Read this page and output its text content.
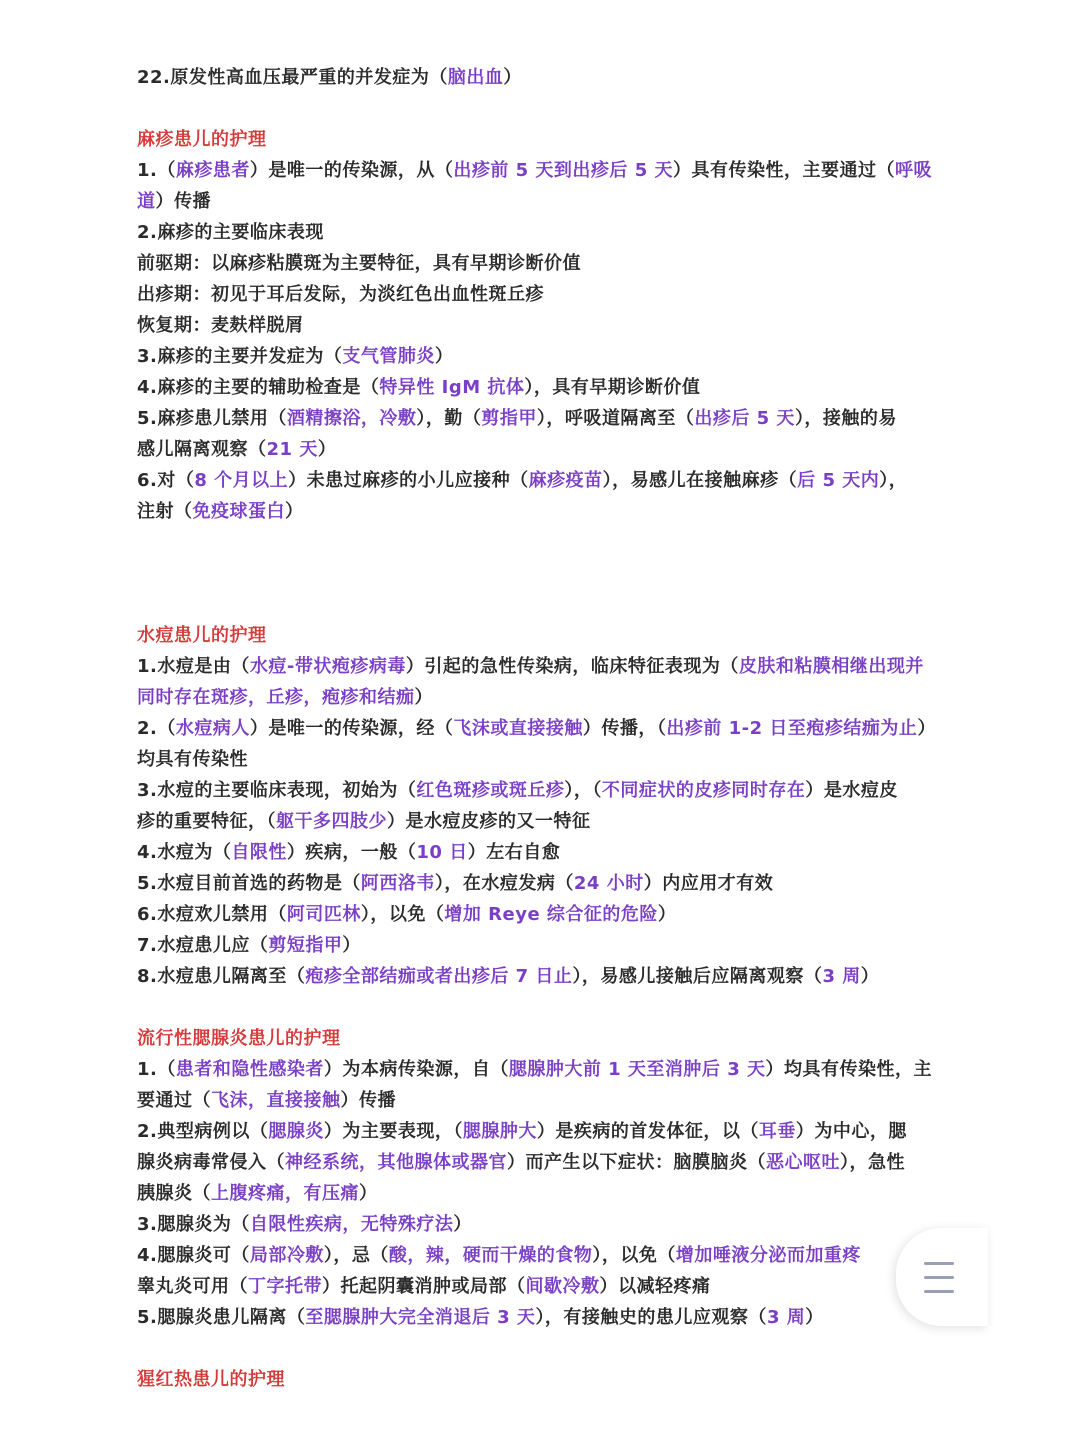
22.原发性高血压最严重的并发症为（脑出血）
麻疹患儿的护理
1.（麻疹患者）是唯一的传染源，从（出疹前 5 天到出疹后 5 天）具有传染性，主要通过（呼吸
道）传播
2.麻疹的主要临床表现
前驱期：以麻疹粘膜斑为主要特征，具有早期诊断价值
出疹期：初见于耳后发际，为淡红色出血性斑丘疹
恢复期：麦麸样脱屑
3.麻疹的主要并发症为（支气管肺炎）
4.麻疹的主要的辅助检查是（特异性 IgM 抗体），具有早期诊断价值
5.麻疹患儿禁用（酒精擦浴，冷敷），勤（剪指甲），呼吸道隔离至（出疹后 5 天），接触的易
感儿隔离观察（21 天）
6.对（8 个月以上）未患过麻疹的小儿应接种（麻疹疫苗），易感儿在接触麻疹（后 5 天内），
注射（免疫球蛋白）
水痘患儿的护理
1.水痘是由（水痘-带状疱疹病毒）引起的急性传染病，临床特征表现为（皮肤和粘膜相继出现并
同时存在斑疹，丘疹，疱疹和结痂）
2.（水痘病人）是唯一的传染源，经（飞沫或直接接触）传播，（出疹前 1-2 日至疱疹结痂为止）
均具有传染性
3.水痘的主要临床表现，初始为（红色斑疹或斑丘疹），（不同症状的皮疹同时存在）是水痘皮
疹的重要特征，（躯干多四肢少）是水痘皮疹的又一特征
4.水痘为（自限性）疾病，一般（10 日）左右自愈
5.水痘目前首选的药物是（阿西洛韦），在水痘发病（24 小时）内应用才有效
6.水痘欢儿禁用（阿司匹林），以免（增加 Reye 综合征的危险）
7.水痘患儿应（剪短指甲）
8.水痘患儿隔离至（疱疹全部结痂或者出疹后 7 日止），易感儿接触后应隔离观察（3 周）
流行性腮腺炎患儿的护理
1.（患者和隐性感染者）为本病传染源，自（腮腺肿大前 1 天至消肿后 3 天）均具有传染性，主
要通过（飞沫，直接接触）传播
2.典型病例以（腮腺炎）为主要表现，（腮腺肿大）是疾病的首发体征，以（耳垂）为中心，腮
腺炎病毒常侵入（神经系统，其他腺体或器官）而产生以下症状：脑膜脑炎（恶心呕吐），急性
胰腺炎（上腹疼痛，有压痛）
3.腮腺炎为（自限性疾病，无特殊疗法）
4.腮腺炎可（局部冷敷），忌（酸，辣，硬而干燥的食物），以免（增加唾液分泌而加重疼
睾丸炎可用（丁字托带）托起阴囊消肿或局部（间歇冷敷）以减轻疼痛
5.腮腺炎患儿隔离（至腮腺肿大完全消退后 3 天），有接触史的患儿应观察（3 周）
猩红热患儿的护理
